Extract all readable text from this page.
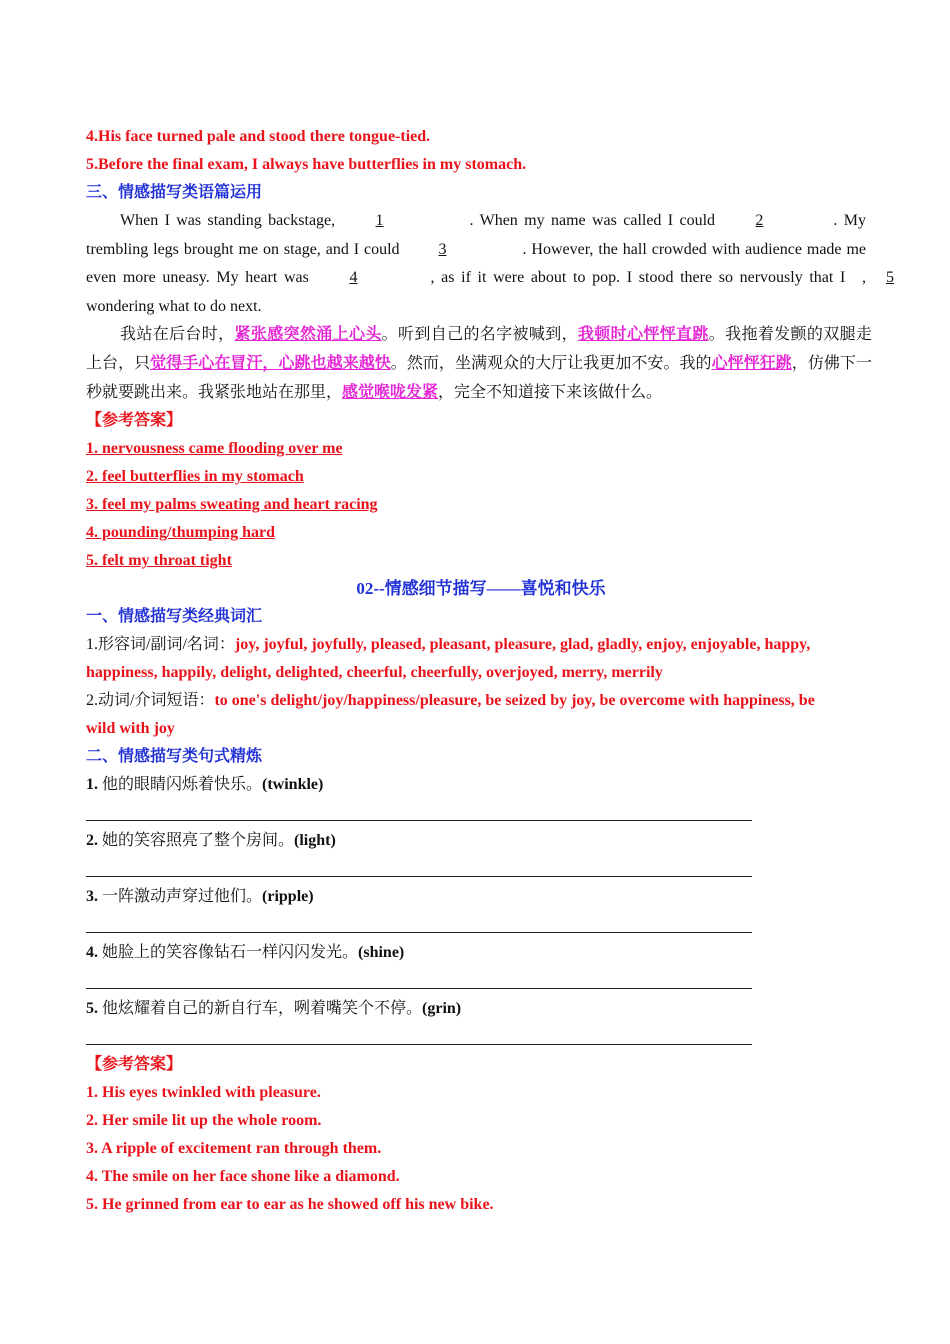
4.His face turned pale and stood there tongue-tied.
5.Before the final exam, I always have butterflies in my stomach.
三、情感描写类语篇运用
When I was standing backstage, 1	. When my name was called I could 2	. My trembling legs brought me on stage, and I could 3	. However, the hall crowded with audience made me even more uneasy. My heart was 4	, as if it were about to pop. I stood there so nervously that I 5, wondering what to do next.
我站在后台时，紧张感突然涌上心头。听到自己的名字被喊到，我顿时心怦怦直跳。我拖着发颤的双腿走上台，只觉得手心在冒汗，心跳也越来越快。然而，坐满观众的大厅让我更加不安。我的心怦怦狂跳，仿佛下一秒就要跳出来。我紧张地站在那里，感觉喉咙发紧，完全不知道接下来该做什么。
【参考答案】
1. nervousness came flooding over me
2. feel butterflies in my stomach
3. feel my palms sweating and heart racing
4. pounding/thumping hard
5. felt my throat tight
02--情感细节描写——喜悦和快乐
一、情感描写类经典词汇
1.形容词/副词/名词：joy, joyful, joyfully, pleased, pleasant, pleasure, glad, gladly, enjoy, enjoyable, happy,
happiness, happily, delight, delighted, cheerful, cheerfully, overjoyed, merry, merrily
2.动词/介词短语：to one's delight/joy/happiness/pleasure, be seized by joy, be overcome with happiness, be
wild with joy
二、情感描写类句式精炼
1. 他的眼睛闪烁着快乐。(twinkle)
2. 她的笑容照亮了整个房间。(light)
3. 一阵激动声穿过他们。(ripple)
4. 她脸上的笑容像钻石一样闪闪发光。(shine)
5. 他炫耀着自己的新自行车，咧着嘴笑个不停。(grin)
【参考答案】
1. His eyes twinkled with pleasure.
2. Her smile lit up the whole room.
3. A ripple of excitement ran through them.
4. The smile on her face shone like a diamond.
5. He grinned from ear to ear as he showed off his new bike.
